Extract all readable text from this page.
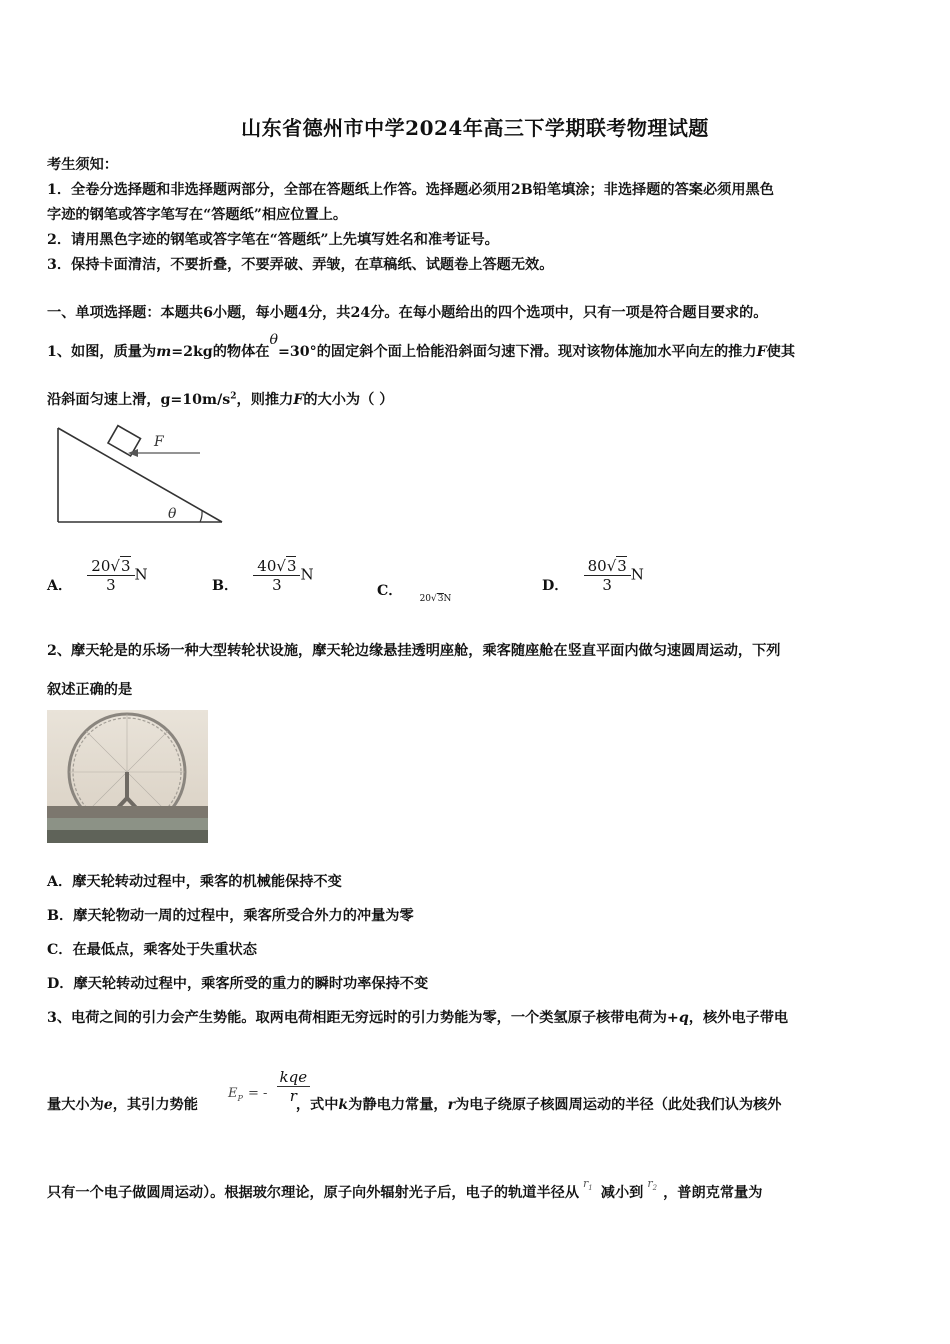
山东省德州市中学2024年高三下学期联考物理试题
考生须知：
1．全卷分选择题和非选择题两部分，全部在答题纸上作答。选择题必须用2B铅笔填涂；非选择题的答案必须用黑色
字迹的钢笔或答字笔写在“答题纸”相应位置上。
2．请用黑色字迹的钢笔或答字笔在“答题纸”上先填写姓名和准考证号。
3．保持卡面清洁，不要折叠，不要弄破、弄皱，在草稿纸、试题卷上答题无效。
一、单项选择题：本题共6小题，每小题4分，共24分。在每小题给出的四个选项中，只有一项是符合题目要求的。
1、如图，质量为m=2kg的物体在θ=30°的固定斜个面上恰能沿斜面匀速下滑。现对该物体施加水平向左的推力F使其
沿斜面匀速上滑，$g=10m/s^2$，则推力F的大小为（ ）
F
θ
A． $\frac{20√3}{3}$ N
B． $\frac{40√3}{3}$ N
C． $_{20√3N}$
D． $\frac{80√3}{3}$ N
2、摩天轮是的乐场一种大型转轮状设施，摩天轮边缘悬挂透明座舱，乘客随座舱在竖直平面内做匀速圆周运动，下列
叙述正确的是
A．摩天轮转动过程中，乘客的机械能保持不变
B．摩天轮物动一周的过程中，乘客所受合外力的冲量为零
C．在最低点，乘客处于失重状态
D．摩天轮转动过程中，乘客所受的重力的瞬时功率保持不变
3、电荷之间的引力会产生势能。取两电荷相距无穷远时的引力势能为零，一个类氢原子核带电荷为+q，核外电子带电
量大小为e，其引力势能	，式中k为静电力常量，r为电子绕原子核圆周运动的半径（此处我们认为核外
$_{EP}$ $_{= -}$
kqe
r
只有一个电子做圆周运动）。根据玻尔理论，原子向外辐射光子后，电子的轨道半径从$^{r_1}$ 减小到$^{r_2}$ ，普朗克常量为
